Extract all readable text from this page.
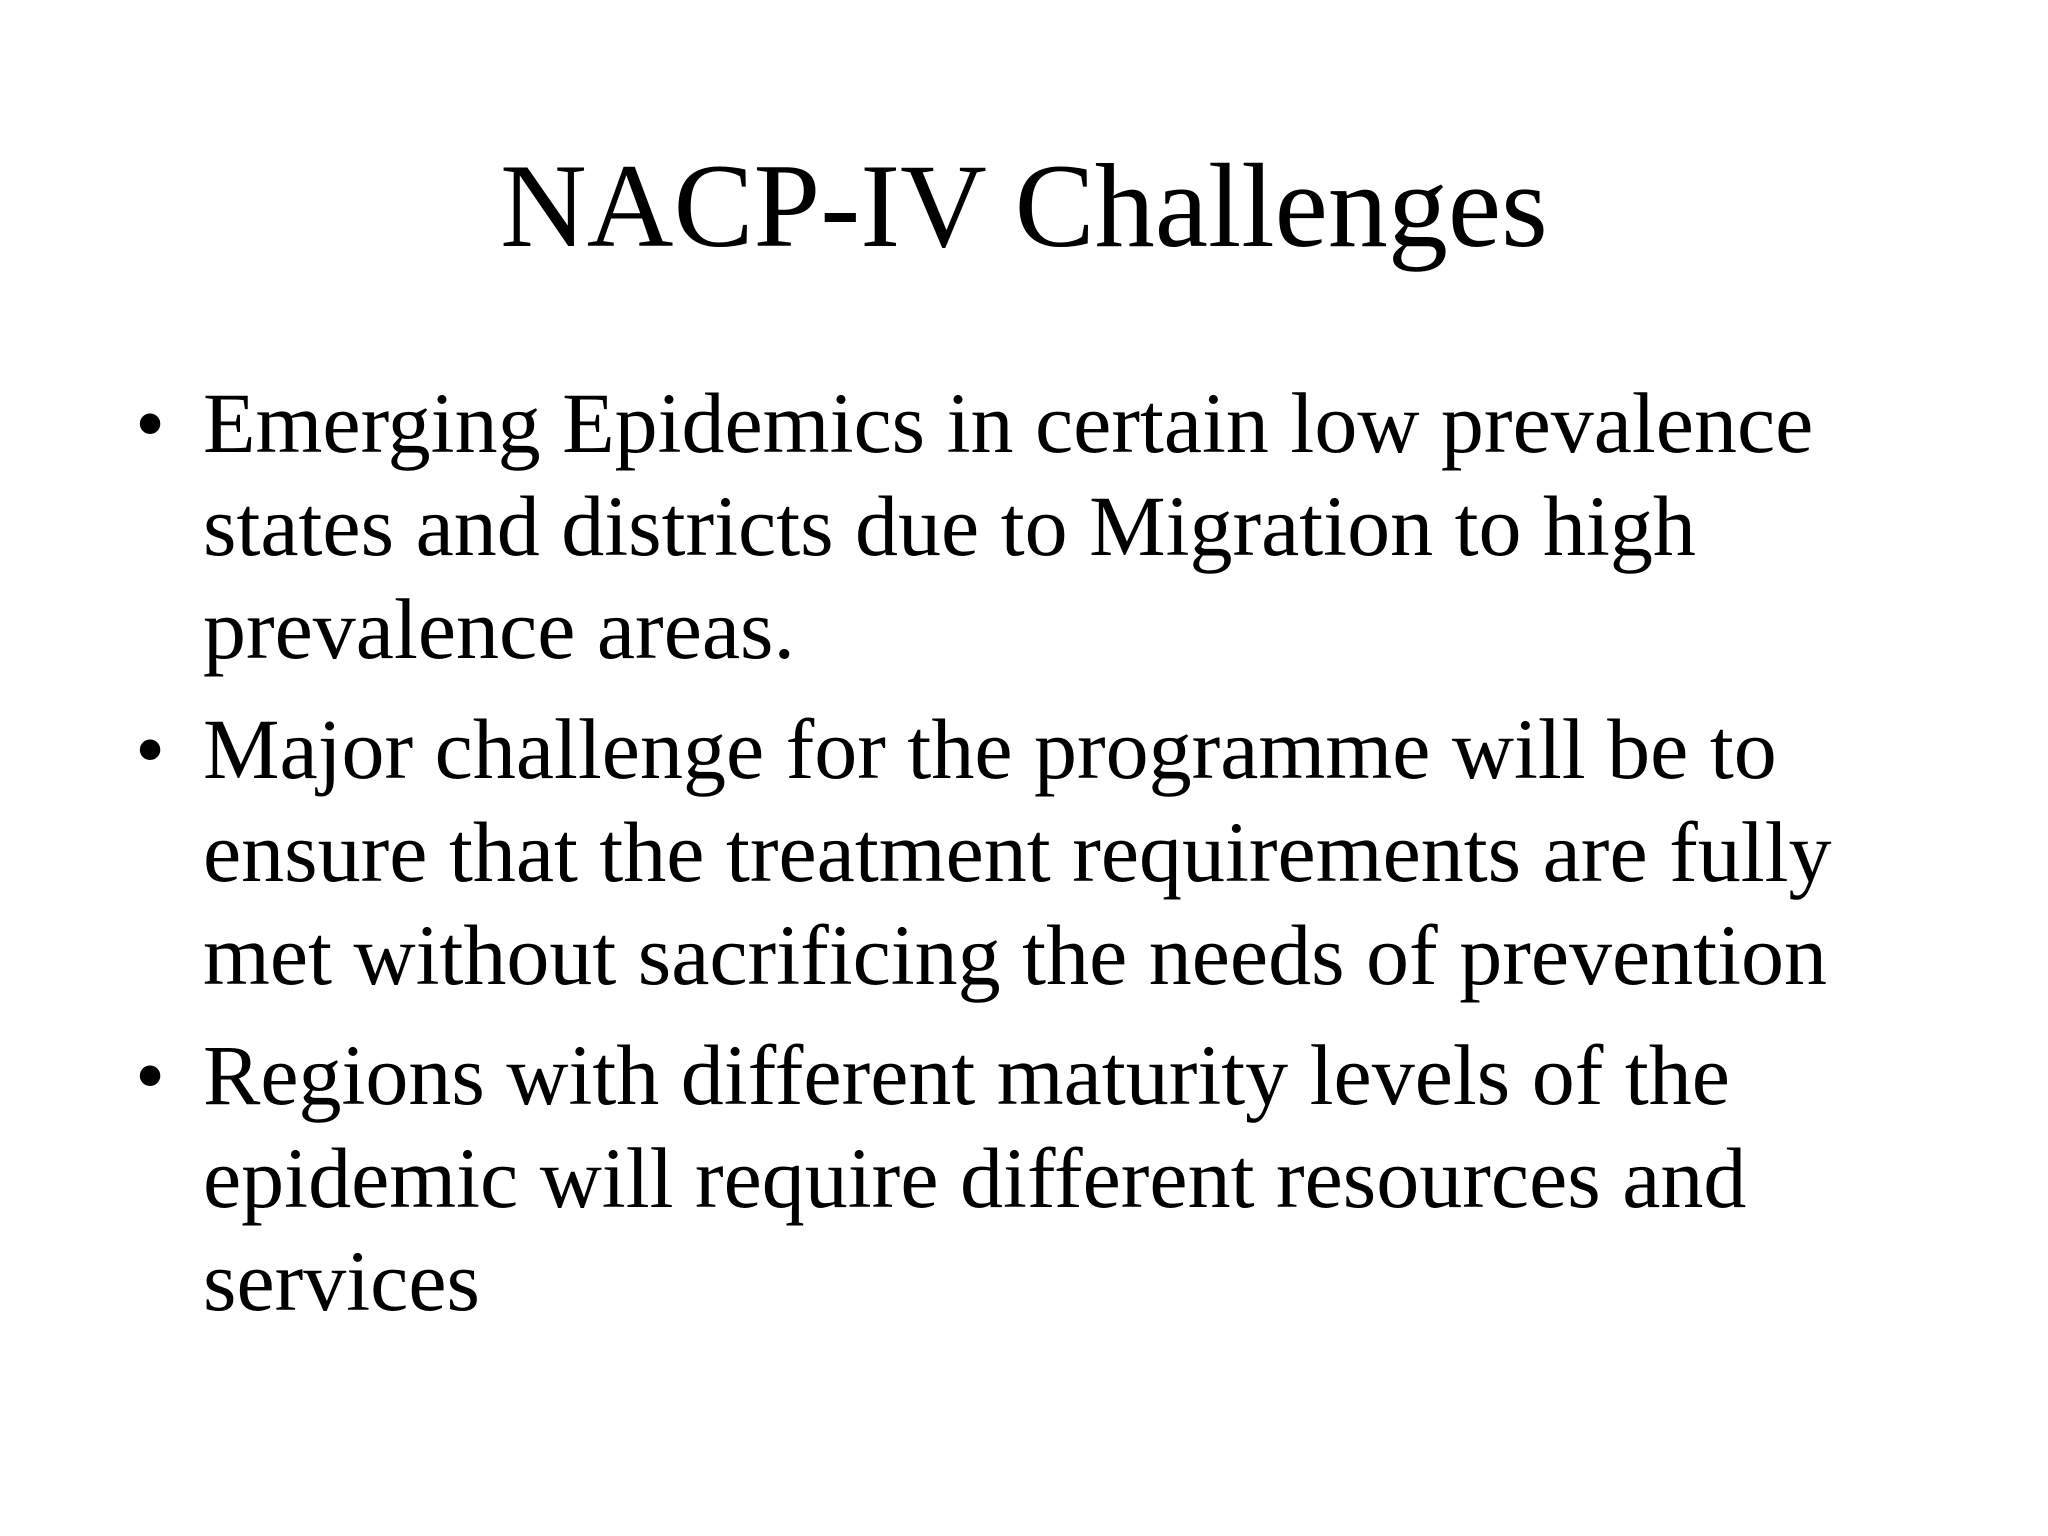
NACP-IV Challenges
• Emerging Epidemics in certain low prevalence
states and districts due to Migration to high
prevalence areas.
• Major challenge for the programme will be to
ensure that the treatment requirements are fully
met without sacrificing the needs of prevention
• Regions with different maturity levels of the
epidemic will require different resources and
services
